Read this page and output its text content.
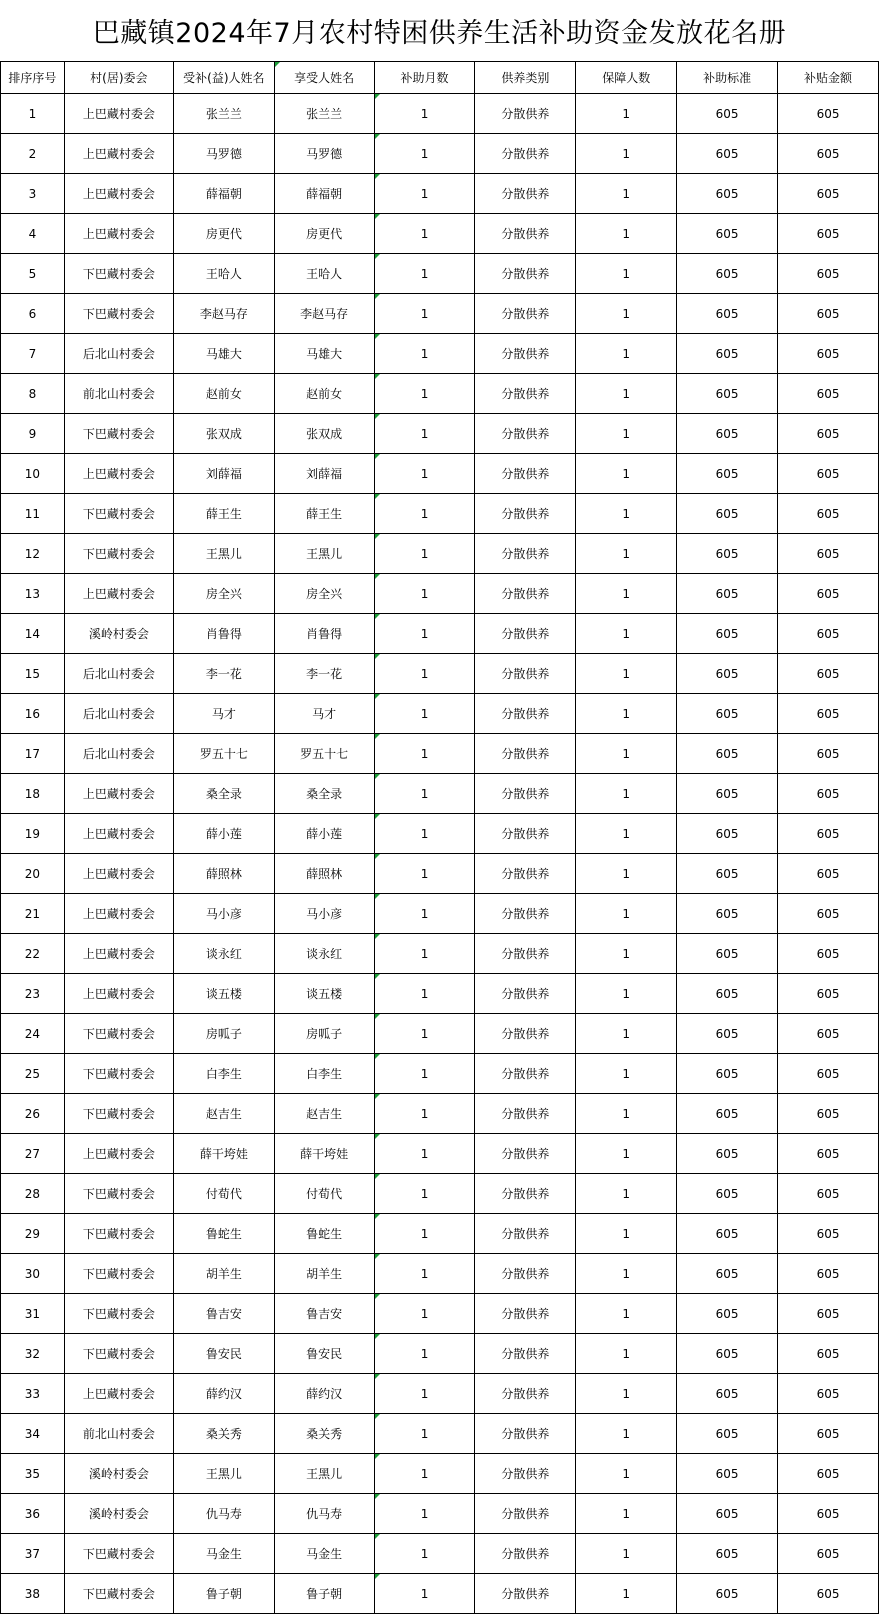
巴藏镇2024年7月农村特困供养生活补助资金发放花名册
排序序号	村(居)委会	受补(益)人姓名	享受人姓名	补助月数	供养类别	保障人数	补助标准	补贴金额
1	上巴藏村委会	张兰兰	张兰兰	1	分散供养	1	605	605
2	上巴藏村委会	马罗德	马罗德	1	分散供养	1	605	605
3	上巴藏村委会	薛福朝	薛福朝	1	分散供养	1	605	605
4	上巴藏村委会	房更代	房更代	1	分散供养	1	605	605
5	下巴藏村委会	王哈人	王哈人	1	分散供养	1	605	605
6	下巴藏村委会	李赵马存	李赵马存	1	分散供养	1	605	605
7	后北山村委会	马雄大	马雄大	1	分散供养	1	605	605
8	前北山村委会	赵前女	赵前女	1	分散供养	1	605	605
9	下巴藏村委会	张双成	张双成	1	分散供养	1	605	605
10	上巴藏村委会	刘薛福	刘薛福	1	分散供养	1	605	605
11	下巴藏村委会	薛王生	薛王生	1	分散供养	1	605	605
12	下巴藏村委会	王黑儿	王黑儿	1	分散供养	1	605	605
13	上巴藏村委会	房全兴	房全兴	1	分散供养	1	605	605
14	溪岭村委会	肖鲁得	肖鲁得	1	分散供养	1	605	605
15	后北山村委会	李一花	李一花	1	分散供养	1	605	605
16	后北山村委会	马才	马才	1	分散供养	1	605	605
17	后北山村委会	罗五十七	罗五十七	1	分散供养	1	605	605
18	上巴藏村委会	桑全录	桑全录	1	分散供养	1	605	605
19	上巴藏村委会	薛小莲	薛小莲	1	分散供养	1	605	605
20	上巴藏村委会	薛照林	薛照林	1	分散供养	1	605	605
21	上巴藏村委会	马小彦	马小彦	1	分散供养	1	605	605
22	上巴藏村委会	谈永红	谈永红	1	分散供养	1	605	605
23	上巴藏村委会	谈五楼	谈五楼	1	分散供养	1	605	605
24	下巴藏村委会	房呱子	房呱子	1	分散供养	1	605	605
25	下巴藏村委会	白李生	白李生	1	分散供养	1	605	605
26	下巴藏村委会	赵吉生	赵吉生	1	分散供养	1	605	605
27	上巴藏村委会	薛干垮娃	薛干垮娃	1	分散供养	1	605	605
28	下巴藏村委会	付荀代	付荀代	1	分散供养	1	605	605
29	下巴藏村委会	鲁蛇生	鲁蛇生	1	分散供养	1	605	605
30	下巴藏村委会	胡羊生	胡羊生	1	分散供养	1	605	605
31	下巴藏村委会	鲁吉安	鲁吉安	1	分散供养	1	605	605
32	下巴藏村委会	鲁安民	鲁安民	1	分散供养	1	605	605
33	上巴藏村委会	薛约汉	薛约汉	1	分散供养	1	605	605
34	前北山村委会	桑关秀	桑关秀	1	分散供养	1	605	605
35	溪岭村委会	王黑儿	王黑儿	1	分散供养	1	605	605
36	溪岭村委会	仇马寿	仇马寿	1	分散供养	1	605	605
37	下巴藏村委会	马金生	马金生	1	分散供养	1	605	605
38	下巴藏村委会	鲁子朝	鲁子朝	1	分散供养	1	605	605
